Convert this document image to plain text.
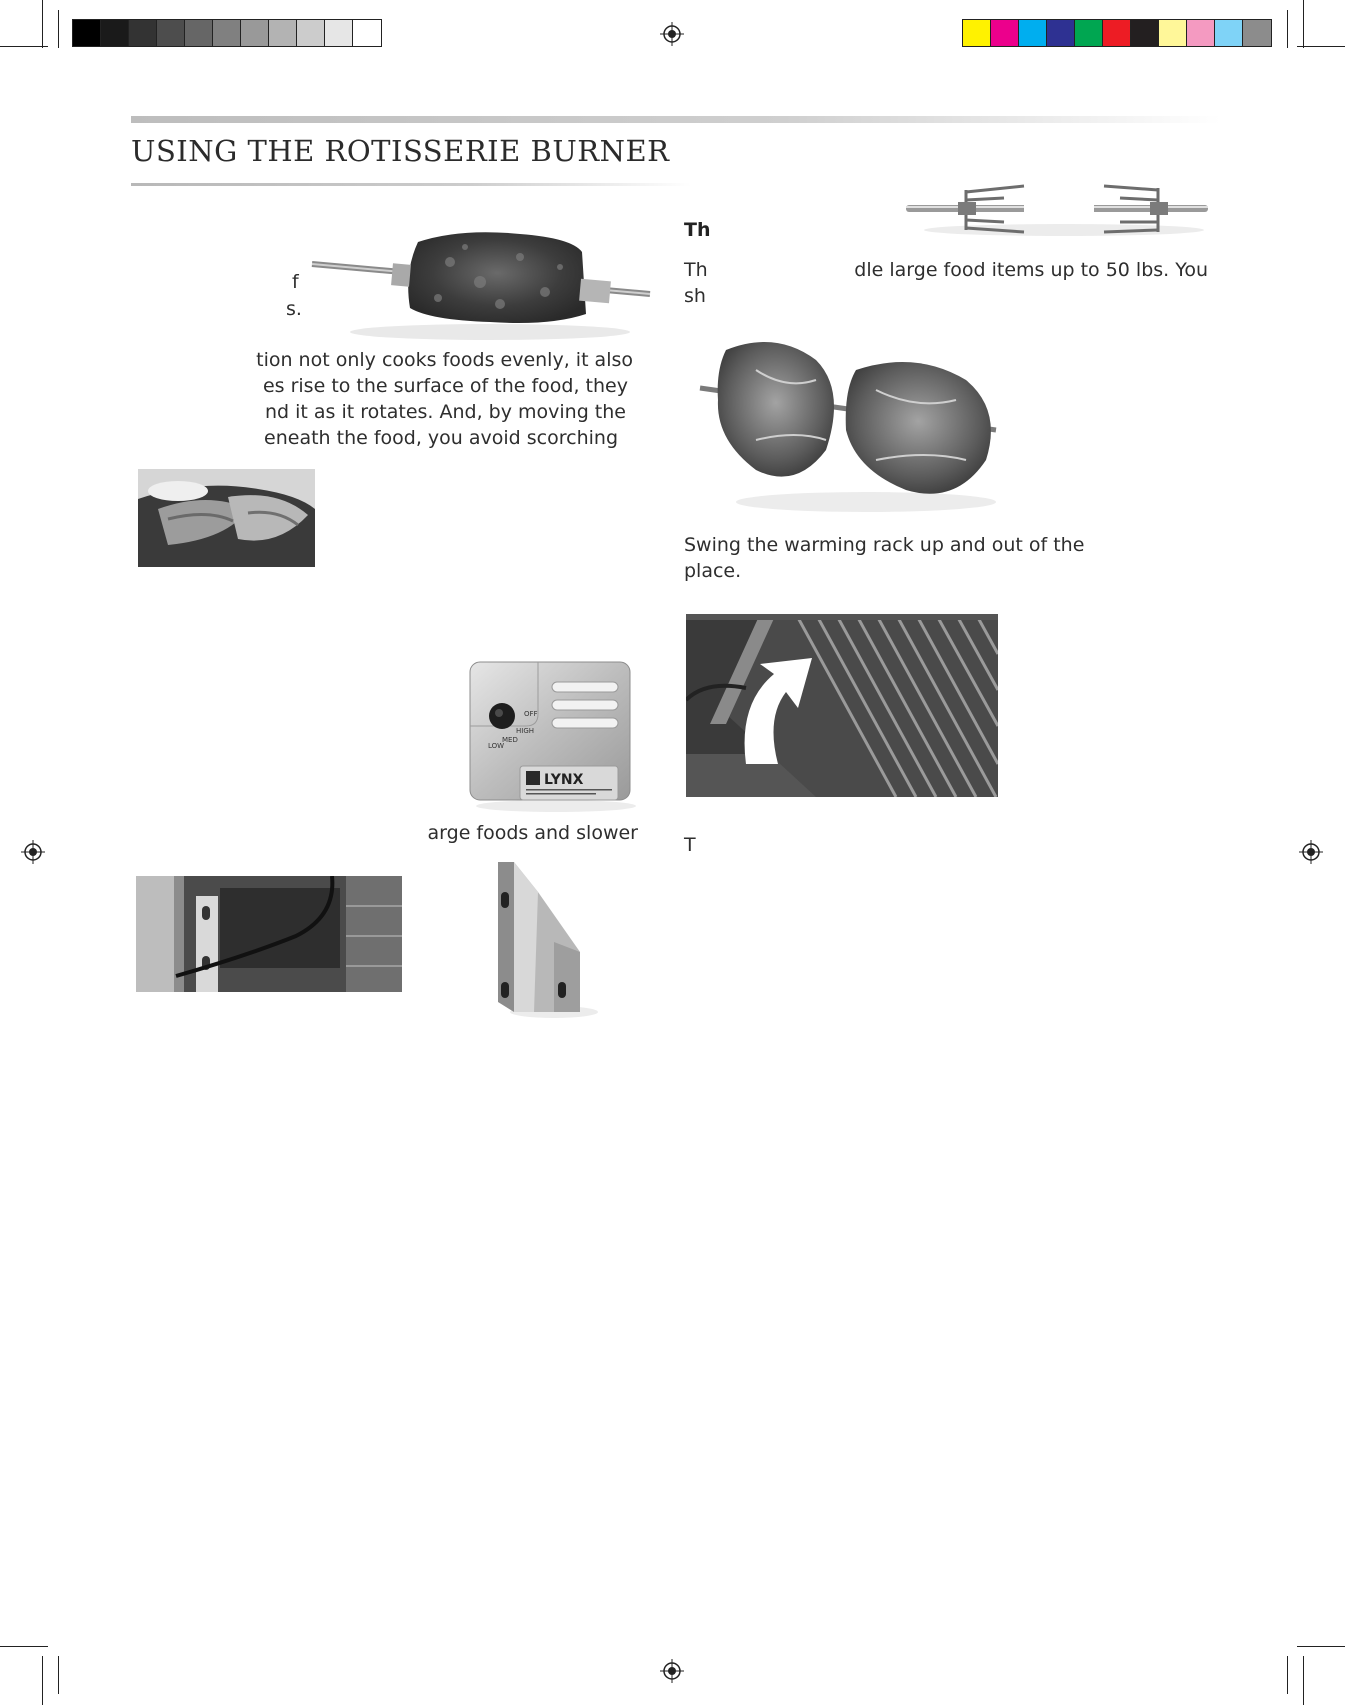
USING THE ROTISSERIE BURNER
f
s.
tion not only cooks foods evenly, it also
es rise to the surface of the food, they
nd it as it rotates. And, by moving the
eneath the food, you avoid scorching
arge foods and slower
Th
Th	dle large food items up to 50 lbs. You
sh
Swing the warming rack up and out of the
place.
T
OFF
HIGH
MED
LOW
LYNX
